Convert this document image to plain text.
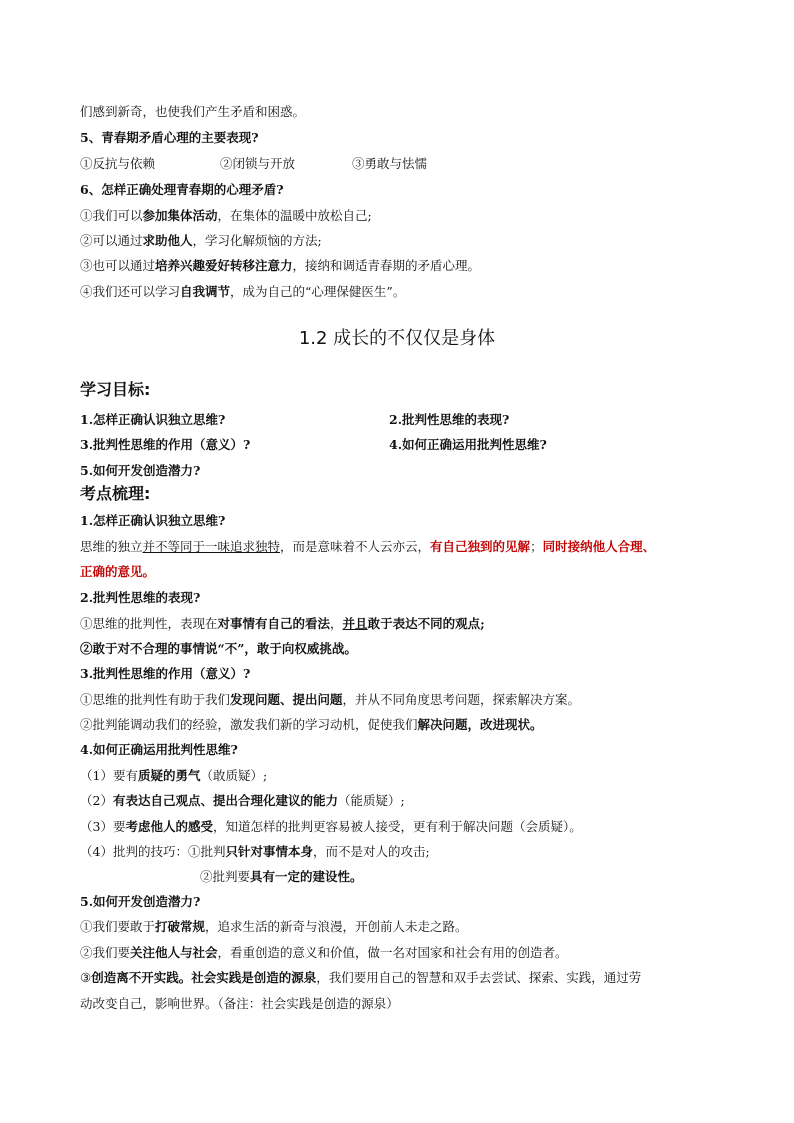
们感到新奇，也使我们产生矛盾和困惑。
5、青春期矛盾心理的主要表现?
①反抗与依赖	②闭锁与开放	③勇敢与怯懦
6、怎样正确处理青春期的心理矛盾?
①我们可以参加集体活动，在集体的温暖中放松自己;
②可以通过求助他人，学习化解烦恼的方法;
③也可以通过培养兴趣爱好转移注意力，接纳和调适青春期的矛盾心理。
④我们还可以学习自我调节，成为自己的“心理保健医生”。
1.2 成长的不仅仅是身体
学习目标:
1.怎样正确认识独立思维?	2.批判性思维的表现?
3.批判性思维的作用（意义）?	4.如何正确运用批判性思维?
5.如何开发创造潜力?
考点梳理:
1.怎样正确认识独立思维?
思维的独立并不等同于一味追求独特，而是意味着不人云亦云，有自己独到的见解；同时接纳他人合理、
正确的意见。
2.批判性思维的表现?
①思维的批判性，表现在对事情有自己的看法，并且敢于表达不同的观点;
②敢于对不合理的事情说“不”，敢于向权威挑战。
3.批判性思维的作用（意义）?
①思维的批判性有助于我们发现问题、提出问题，并从不同角度思考问题，探索解决方案。
②批判能调动我们的经验，激发我们新的学习动机，促使我们解决问题，改进现状。
4.如何正确运用批判性思维?
（1）要有质疑的勇气（敢质疑）;
（2）有表达自己观点、提出合理化建议的能力（能质疑）;
（3）要考虑他人的感受，知道怎样的批判更容易被人接受，更有利于解决问题（会质疑）。
（4）批判的技巧：①批判只针对事情本身，而不是对人的攻击;
②批判要具有一定的建设性。
5.如何开发创造潜力?
①我们要敢于打破常规，追求生活的新奇与浪漫，开创前人未走之路。
②我们要关注他人与社会，看重创造的意义和价值，做一名对国家和社会有用的创造者。
③创造离不开实践。社会实践是创造的源泉，我们要用自己的智慧和双手去尝试、探索、实践，通过劳
动改变自己，影响世界。（备注：社会实践是创造的源泉）
